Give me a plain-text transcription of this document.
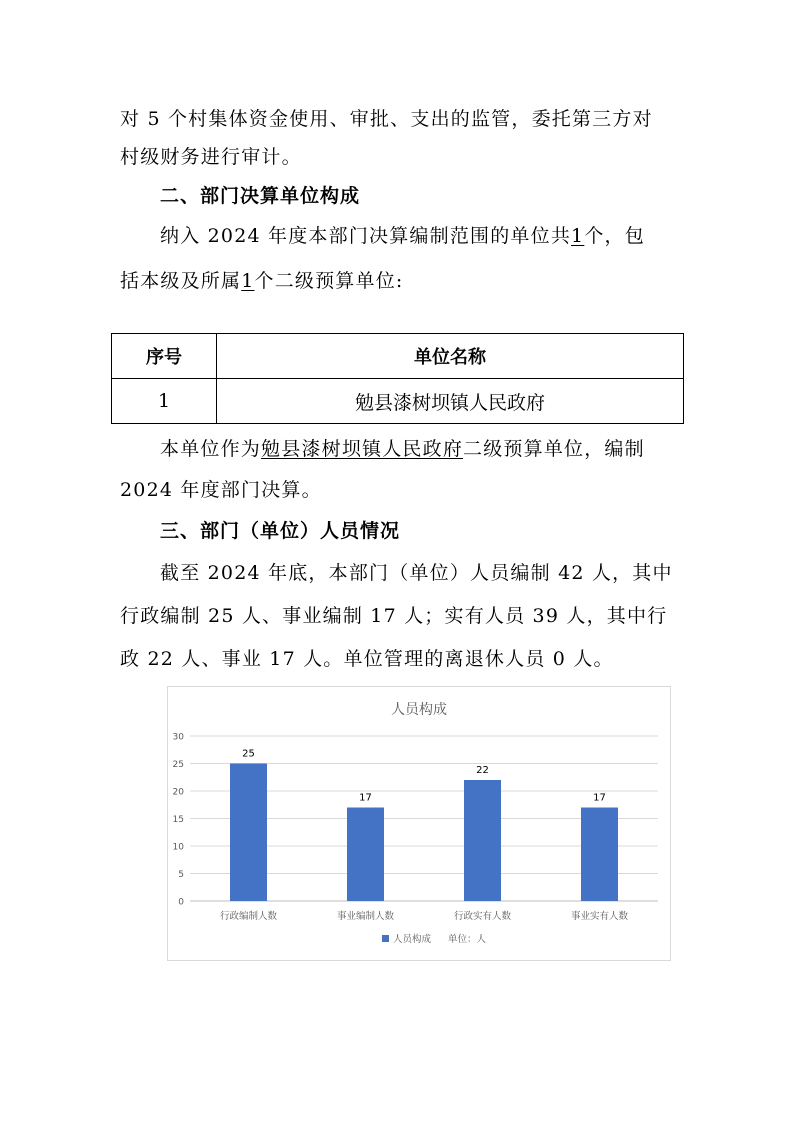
对 5 个村集体资金使用、审批、支出的监管，委托第三方对
村级财务进行审计。
二、部门决算单位构成
纳入 2024 年度本部门决算编制范围的单位共1个，包
括本级及所属1个二级预算单位:
序号	单位名称
1	勉县漆树坝镇人民政府
本单位作为勉县漆树坝镇人民政府二级预算单位，编制
2024 年度部门决算。
三、部门（单位）人员情况
截至 2024 年底，本部门（单位）人员编制 42 人，其中
行政编制 25 人、事业编制 17 人；实有人员 39 人，其中行
政 22 人、事业 17 人。单位管理的离退休人员 0 人。
人员构成
0
5
10
15
20
25
30
25
行政编制人数
17
事业编制人数
22
行政实有人数
17
事业实有人数
人员构成 单位：人
